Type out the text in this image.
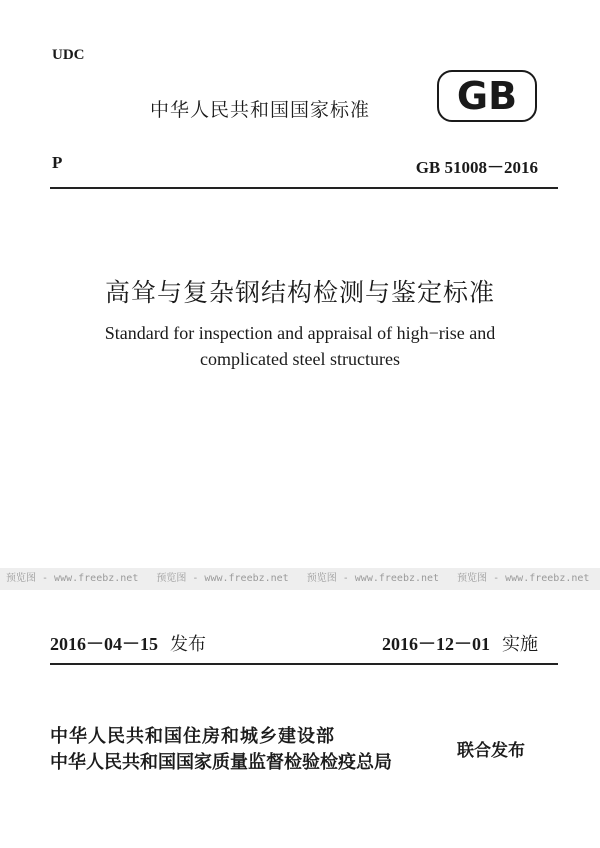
UDC
中华人民共和国国家标准 GB
P	GB 51008－2016
高耸与复杂钢结构检测与鉴定标准
Standard for inspection and appraisal of high−rise and complicated steel structures
预览图 - www.freebz.net 预览图 - www.freebz.net 预览图 - www.freebz.net 预览图 - www.freebz.net
2016－04－15 发布	2016－12－01 实施
中华人民共和国住房和城乡建设部
中华人民共和国国家质量监督检验检疫总局
联合发布
